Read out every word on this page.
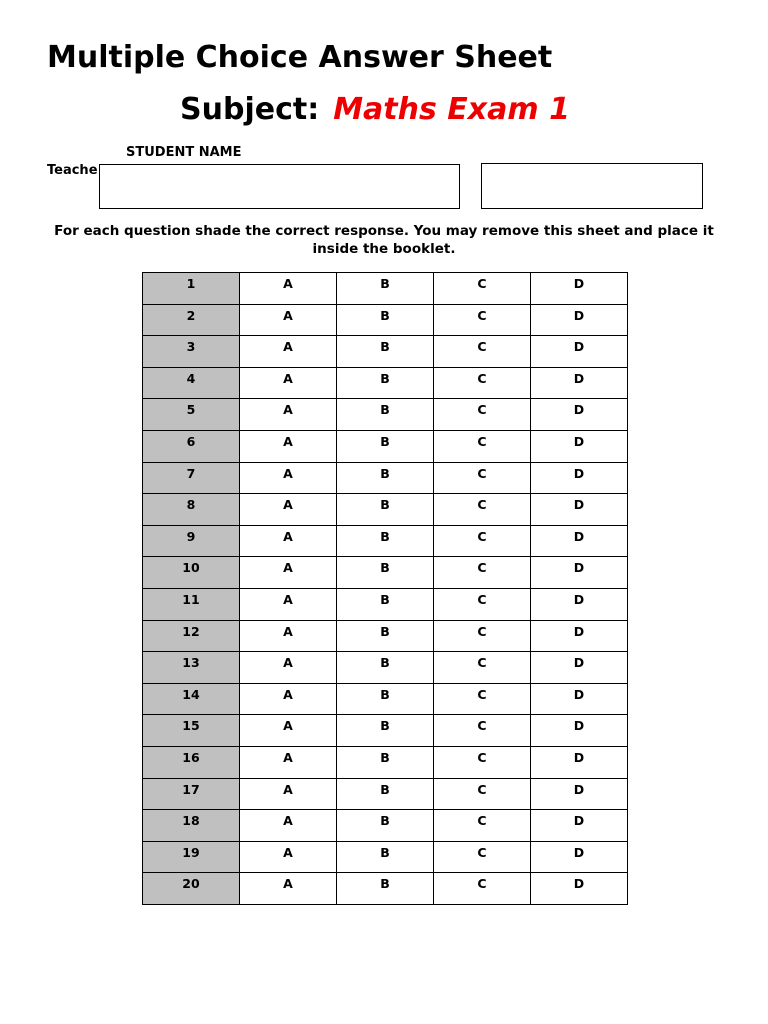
Multiple Choice Answer Sheet
Subject: Maths Exam 1
STUDENT NAME
Teache

For each question shade the correct response. You may remove this sheet and place it inside the booklet.

1	A	B	C	D
2	A	B	C	D
3	A	B	C	D
4	A	B	C	D
5	A	B	C	D
6	A	B	C	D
7	A	B	C	D
8	A	B	C	D
9	A	B	C	D
10	A	B	C	D
11	A	B	C	D
12	A	B	C	D
13	A	B	C	D
14	A	B	C	D
15	A	B	C	D
16	A	B	C	D
17	A	B	C	D
18	A	B	C	D
19	A	B	C	D
20	A	B	C	D
